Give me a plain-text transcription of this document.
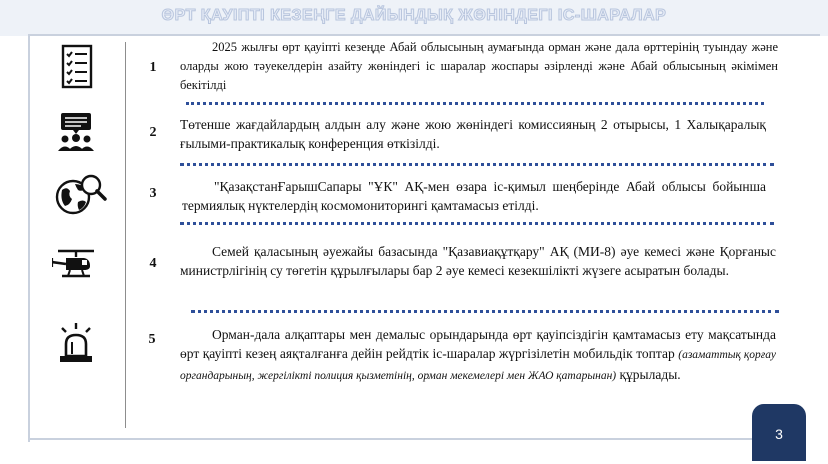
ӨРТ ҚАУІПТІ КЕЗЕҢГЕ ДАЙЫНДЫҚ ЖӨНІНДЕГІ ІС-ШАРАЛАР
1
2025 жылғы өрт қауіпті кезеңде Абай облысының аумағында орман және дала өрттерінің туындау және оларды жою тәуекелдерін азайту жөніндегі іс шаралар жоспары әзірленді және Абай облысының әкімімен бекітілді
2
Төтенше жағдайлардың алдын алу және жою жөніндегі комиссияның 2 отырысы, 1 Халықаралық ғылыми-практикалық конференция өткізілді.
3	"ҚазақстанҒарышСапары "ҰК" АҚ-мен өзара іс-қимыл шеңберінде Абай облысы бойынша термиялық нүктелердің космомониторингі қамтамасыз етілді.
4
Семей қаласының әуежайы базасында "Қазавиақұтқару" АҚ (МИ-8) әуе кемесі және Қорғаныс министрлігінің су төгетін құрылғылары бар 2 әуе кемесі кезекшілікті жүзеге асыратын болады.
5	Орман-дала алқаптары мен демалыс орындарында өрт қауіпсіздігін қамтамасыз ету мақсатында өрт қауіпті кезең аяқталғанға дейін рейдтік іс-шаралар жүргізілетін мобильдік топтар (азаматтық қорғау органдарының, жергілікті полиция қызметінің, орман мекемелері мен ЖАО қатарынан) құрылады.
3
